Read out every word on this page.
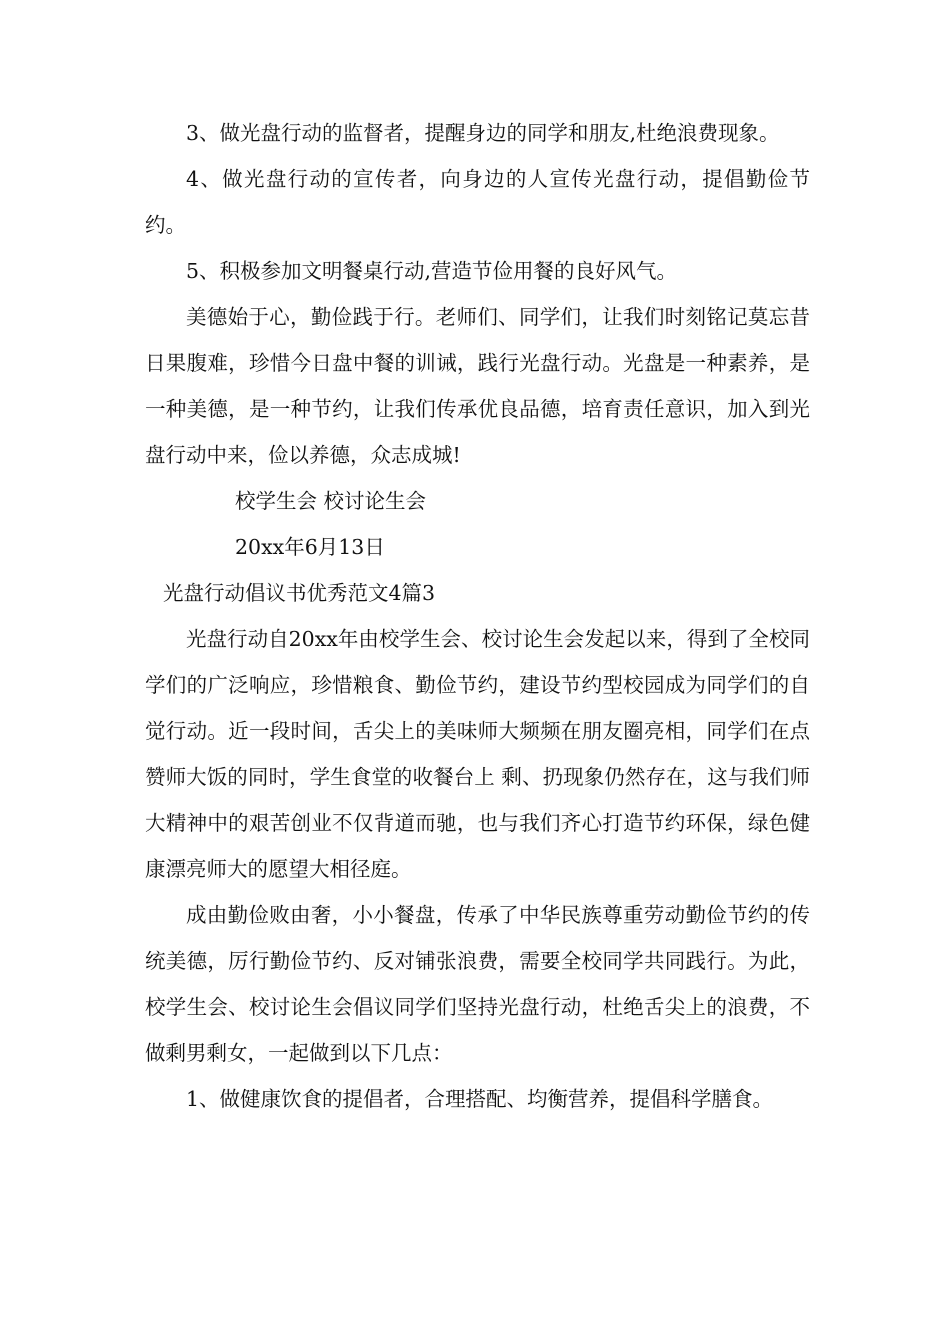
3、做光盘行动的监督者，提醒身边的同学和朋友,杜绝浪费现象。

4、做光盘行动的宣传者，向身边的人宣传光盘行动，提倡勤俭节约。

5、积极参加文明餐桌行动,营造节俭用餐的良好风气。

美德始于心，勤俭践于行。老师们、同学们，让我们时刻铭记莫忘昔日果腹难，珍惜今日盘中餐的训诫，践行光盘行动。光盘是一种素养，是一种美德，是一种节约，让我们传承优良品德，培育责任意识，加入到光盘行动中来，俭以养德，众志成城!

校学生会 校讨论生会

20xx年6月13日

光盘行动倡议书优秀范文4篇3

光盘行动自20xx年由校学生会、校讨论生会发起以来，得到了全校同学们的广泛响应，珍惜粮食、勤俭节约，建设节约型校园成为同学们的自觉行动。近一段时间，舌尖上的美味师大频频在朋友圈亮相，同学们在点赞师大饭的同时，学生食堂的收餐台上 剩、扔现象仍然存在，这与我们师大精神中的艰苦创业不仅背道而驰，也与我们齐心打造节约环保，绿色健康漂亮师大的愿望大相径庭。

成由勤俭败由奢，小小餐盘，传承了中华民族尊重劳动勤俭节约的传统美德，厉行勤俭节约、反对铺张浪费，需要全校同学共同践行。为此，校学生会、校讨论生会倡议同学们坚持光盘行动，杜绝舌尖上的浪费，不做剩男剩女，一起做到以下几点：

1、做健康饮食的提倡者，合理搭配、均衡营养，提倡科学膳食。
